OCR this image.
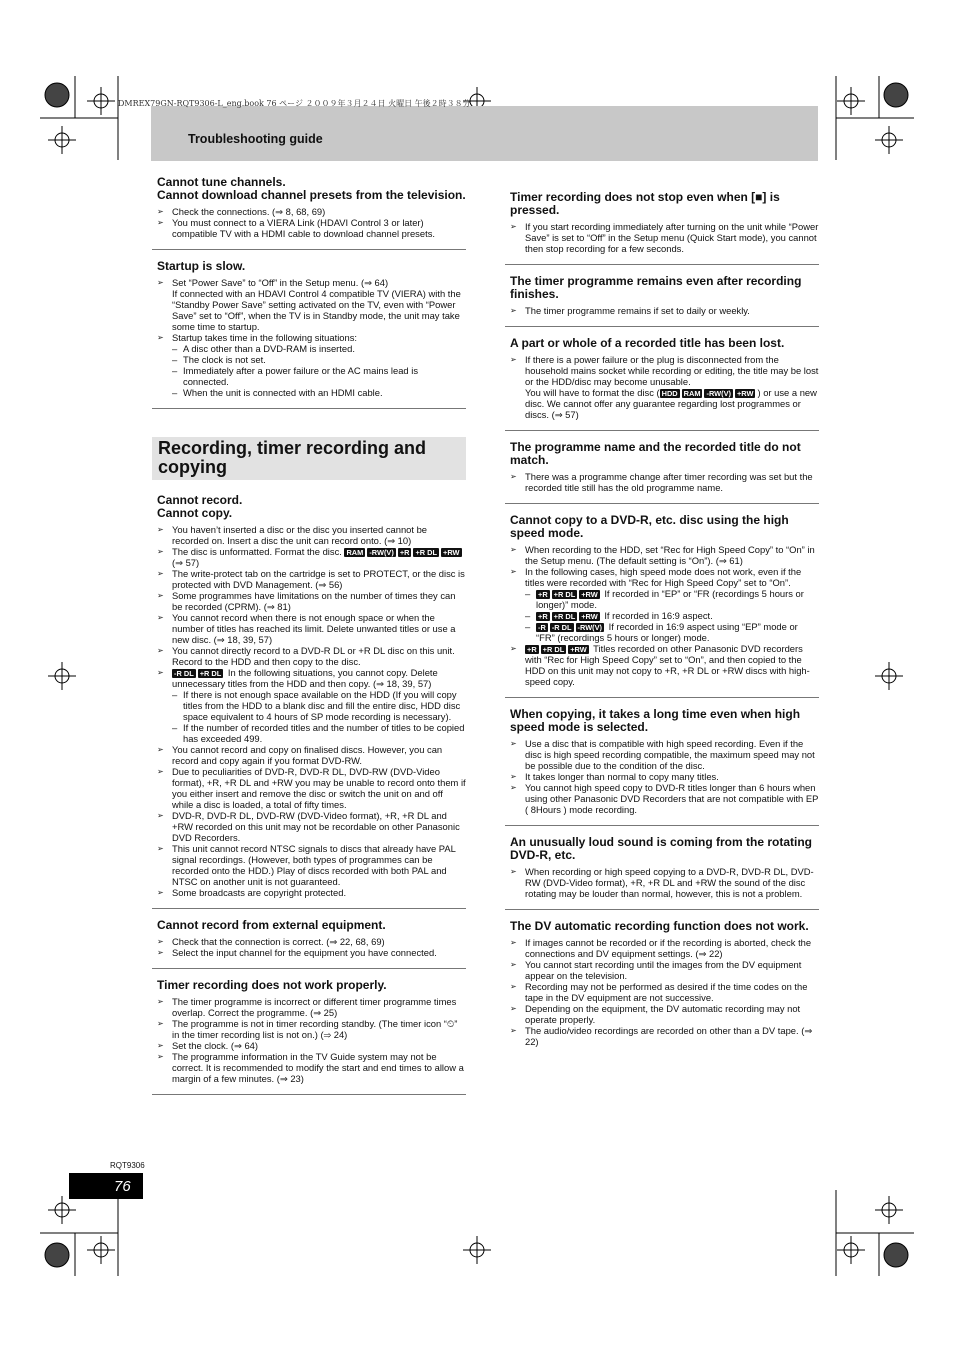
DMREX79GN-RQT9306-L_eng.book 76 ページ ２００９年３月２４日 火曜日 午後２時３８分
Troubleshooting guide
Cannot tune channels.
Cannot download channel presets from the television.
➢ Check the connections. (⇒ 8, 68, 69)
➢ You must connect to a VIERA Link (HDAVI Control 3 or later) compatible TV with a HDMI cable to download channel presets.
Startup is slow.
➢ Set “Power Save” to “Off” in the Setup menu. (⇒ 64)
If connected with an HDAVI Control 4 compatible TV (VIERA) with the “Standby Power Save” setting activated on the TV, even with “Power Save” set to “Off”, when the TV is in Standby mode, the unit may take some time to startup.
➢ Startup takes time in the following situations:
– A disc other than a DVD-RAM is inserted.
– The clock is not set.
– Immediately after a power failure or the AC mains lead is connected.
– When the unit is connected with an HDMI cable.
Recording, timer recording and copying
Cannot record.
Cannot copy.
➢ You haven’t inserted a disc or the disc you inserted cannot be recorded on. Insert a disc the unit can record onto. (⇒ 10)
➢ The disc is unformatted. Format the disc. RAM -RW(V) +R +R DL +RW (⇒ 57)
➢ The write-protect tab on the cartridge is set to PROTECT, or the disc is protected with DVD Management. (⇒ 56)
➢ Some programmes have limitations on the number of times they can be recorded (CPRM). (⇒ 81)
➢ You cannot record when there is not enough space or when the number of titles has reached its limit. Delete unwanted titles or use a new disc. (⇒ 18, 39, 57)
➢ You cannot directly record to a DVD-R DL or +R DL disc on this unit.
Record to the HDD and then copy to the disc.
➢ -R DL +R DL In the following situations, you cannot copy. Delete unnecessary titles from the HDD and then copy. (⇒ 18, 39, 57)
– If there is not enough space available on the HDD (If you will copy titles from the HDD to a blank disc and fill the entire disc, HDD disc space equivalent to 4 hours of SP mode recording is necessary).
– If the number of recorded titles and the number of titles to be copied has exceeded 499.
➢ You cannot record and copy on finalised discs. However, you can record and copy again if you format DVD-RW.
➢ Due to peculiarities of DVD-R, DVD-R DL, DVD-RW (DVD-Video format), +R, +R DL and +RW you may be unable to record onto them if you either insert and remove the disc or switch the unit on and off while a disc is loaded, a total of fifty times.
➢ DVD-R, DVD-R DL, DVD-RW (DVD-Video format), +R, +R DL and +RW recorded on this unit may not be recordable on other Panasonic DVD Recorders.
➢ This unit cannot record NTSC signals to discs that already have PAL signal recordings. (However, both types of programmes can be recorded onto the HDD.) Play of discs recorded with both PAL and NTSC on another unit is not guaranteed.
➢ Some broadcasts are copyright protected.
Cannot record from external equipment.
➢ Check that the connection is correct. (⇒ 22, 68, 69)
➢ Select the input channel for the equipment you have connected.
Timer recording does not work properly.
➢ The timer programme is incorrect or different timer programme times overlap. Correct the programme. (⇒ 25)
➢ The programme is not in timer recording standby. (The timer icon “⏲” in the timer recording list is not on.) (⇒ 24)
➢ Set the clock. (⇒ 64)
➢ The programme information in the TV Guide system may not be correct. It is recommended to modify the start and end times to allow a margin of a few minutes. (⇒ 23)
Timer recording does not stop even when [■] is pressed.
➢ If you start recording immediately after turning on the unit while “Power Save” is set to “Off” in the Setup menu (Quick Start mode), you cannot then stop recording for a few seconds.
The timer programme remains even after recording finishes.
➢ The timer programme remains if set to daily or weekly.
A part or whole of a recorded title has been lost.
➢ If there is a power failure or the plug is disconnected from the household mains socket while recording or editing, the title may be lost or the HDD/disc may become unusable.
You will have to format the disc ( HDD RAM -RW(V) +RW ) or use a new disc. We cannot offer any guarantee regarding lost programmes or discs. (⇒ 57)
The programme name and the recorded title do not match.
➢ There was a programme change after timer recording was set but the recorded title still has the old programme name.
Cannot copy to a DVD-R, etc. disc using the high speed mode.
➢ When recording to the HDD, set “Rec for High Speed Copy” to “On” in the Setup menu. (The default setting is “On”). (⇒ 61)
➢ In the following cases, high speed mode does not work, even if the titles were recorded with “Rec for High Speed Copy” set to “On”.
– +R +R DL +RW If recorded in “EP” or “FR (recordings 5 hours or longer)” mode.
– +R +R DL +RW If recorded in 16:9 aspect.
– -R -R DL -RW(V) If recorded in 16:9 aspect using “EP” mode or “FR” (recordings 5 hours or longer) mode.
➢ +R +R DL +RW Titles recorded on other Panasonic DVD recorders with “Rec for High Speed Copy” set to “On”, and then copied to the HDD on this unit may not copy to +R, +R DL or +RW discs with high-speed copy.
When copying, it takes a long time even when high speed mode is selected.
➢ Use a disc that is compatible with high speed recording. Even if the disc is high speed recording compatible, the maximum speed may not be possible due to the condition of the disc.
➢ It takes longer than normal to copy many titles.
➢ You cannot high speed copy to DVD-R titles longer than 6 hours when using other Panasonic DVD Recorders that are not compatible with EP ( 8Hours ) mode recording.
An unusually loud sound is coming from the rotating DVD-R, etc.
➢ When recording or high speed copying to a DVD-R, DVD-R DL, DVD-RW (DVD-Video format), +R, +R DL and +RW the sound of the disc rotating may be louder than normal, however, this is not a problem.
The DV automatic recording function does not work.
➢ If images cannot be recorded or if the recording is aborted, check the connections and DV equipment settings. (⇒ 22)
➢ You cannot start recording until the images from the DV equipment appear on the television.
➢ Recording may not be performed as desired if the time codes on the tape in the DV equipment are not successive.
➢ Depending on the equipment, the DV automatic recording may not operate properly.
➢ The audio/video recordings are recorded on other than a DV tape. (⇒ 22)
RQT9306
76
